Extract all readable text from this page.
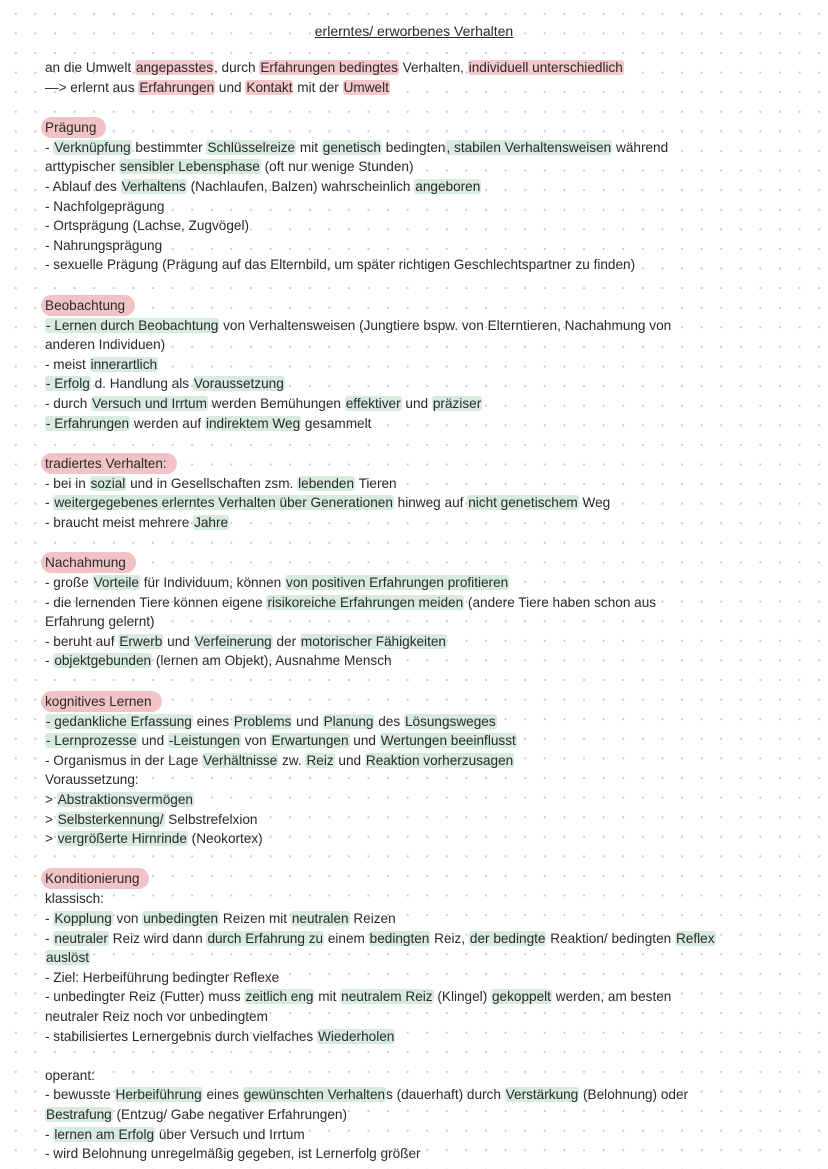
erlerntes/ erworbenes Verhalten
an die Umwelt angepasstes, durch Erfahrungen bedingtes Verhalten, individuell unterschiedlich
—> erlernt aus Erfahrungen und Kontakt mit der Umwelt
Prägung
- Verknüpfung bestimmter Schlüsselreize mit genetisch bedingten, stabilen Verhaltensweisen während
arttypischer sensibler Lebensphase (oft nur wenige Stunden)
- Ablauf des Verhaltens (Nachlaufen, Balzen) wahrscheinlich angeboren
- Nachfolgeprägung
- Ortsprägung (Lachse, Zugvögel)
- Nahrungsprägung
- sexuelle Prägung (Prägung auf das Elternbild, um später richtigen Geschlechtspartner zu finden)
Beobachtung
- Lernen durch Beobachtung von Verhaltensweisen (Jungtiere bspw. von Elterntieren, Nachahmung von
anderen Individuen)
- meist innerartlich
- Erfolg d. Handlung als Voraussetzung
- durch Versuch und Irrtum werden Bemühungen effektiver und präziser
- Erfahrungen werden auf indirektem Weg gesammelt
tradiertes Verhalten:
- bei in sozial und in Gesellschaften zsm. lebenden Tieren
- weitergegebenes erlerntes Verhalten über Generationen hinweg auf nicht genetischem Weg
- braucht meist mehrere Jahre
Nachahmung
- große Vorteile für Individuum, können von positiven Erfahrungen profitieren
- die lernenden Tiere können eigene risikoreiche Erfahrungen meiden (andere Tiere haben schon aus
Erfahrung gelernt)
- beruht auf Erwerb und Verfeinerung der motorischer Fähigkeiten
- objektgebunden (lernen am Objekt), Ausnahme Mensch
kognitives Lernen
- gedankliche Erfassung eines Problems und Planung des Lösungsweges
- Lernprozesse und -Leistungen von Erwartungen und Wertungen beeinflusst
- Organismus in der Lage Verhältnisse zw. Reiz und Reaktion vorherzusagen
Voraussetzung:
> Abstraktionsvermögen
> Selbsterkennung/ Selbstrefelxion
> vergrößerte Hirnrinde (Neokortex)
Konditionierung
klassisch:
- Kopplung von unbedingten Reizen mit neutralen Reizen
- neutraler Reiz wird dann durch Erfahrung zu einem bedingten Reiz, der bedingte Reaktion/ bedingten Reflex
auslöst
- Ziel: Herbeiführung bedingter Reflexe
- unbedingter Reiz (Futter) muss zeitlich eng mit neutralem Reiz (Klingel) gekoppelt werden, am besten
neutraler Reiz noch vor unbedingtem
- stabilisiertes Lernergebnis durch vielfaches Wiederholen

operant:
- bewusste Herbeiführung eines gewünschten Verhaltens (dauerhaft) durch Verstärkung (Belohnung) oder
Bestrafung (Entzug/ Gabe negativer Erfahrungen)
- lernen am Erfolg über Versuch und Irrtum
- wird Belohnung unregelmäßig gegeben, ist Lernerfolg größer
